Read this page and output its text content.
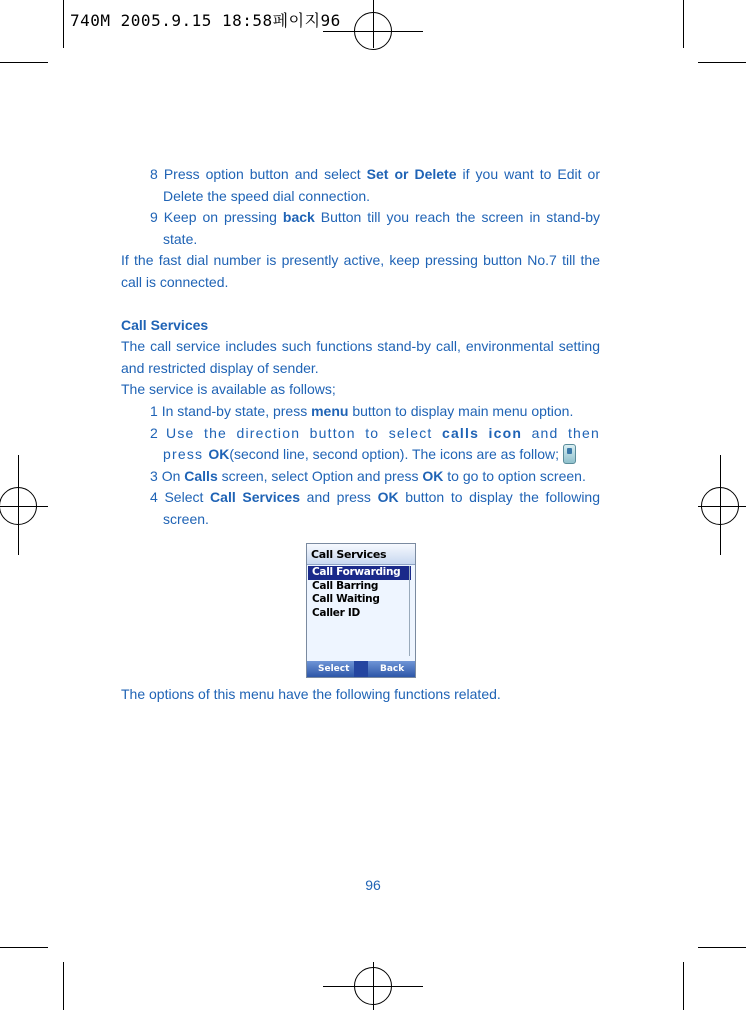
740M 2005.9.15 18:58페이지96

8 Press option button and select Set or Delete if you want to Edit or Delete the speed dial connection.

9 Keep on pressing back Button till you reach the screen in stand-by state.

If the fast dial number is presently active, keep pressing button No.7 till the call is connected.

Call Services

The call service includes such functions stand-by call, environmental setting and restricted display of sender.

The service is available as follows;

1 In stand-by state, press menu button to display main menu option.

2 Use the direction button to select calls icon and then press OK(second line, second option). The icons are as follow;

3 On Calls screen, select Option and press OK to go to option screen.

4 Select Call Services and press OK button to display the following screen.

Call Services
Call Forwarding
Call Barring
Call Waiting
Caller ID
Select	Back
The options of this menu have the following functions related.
96
